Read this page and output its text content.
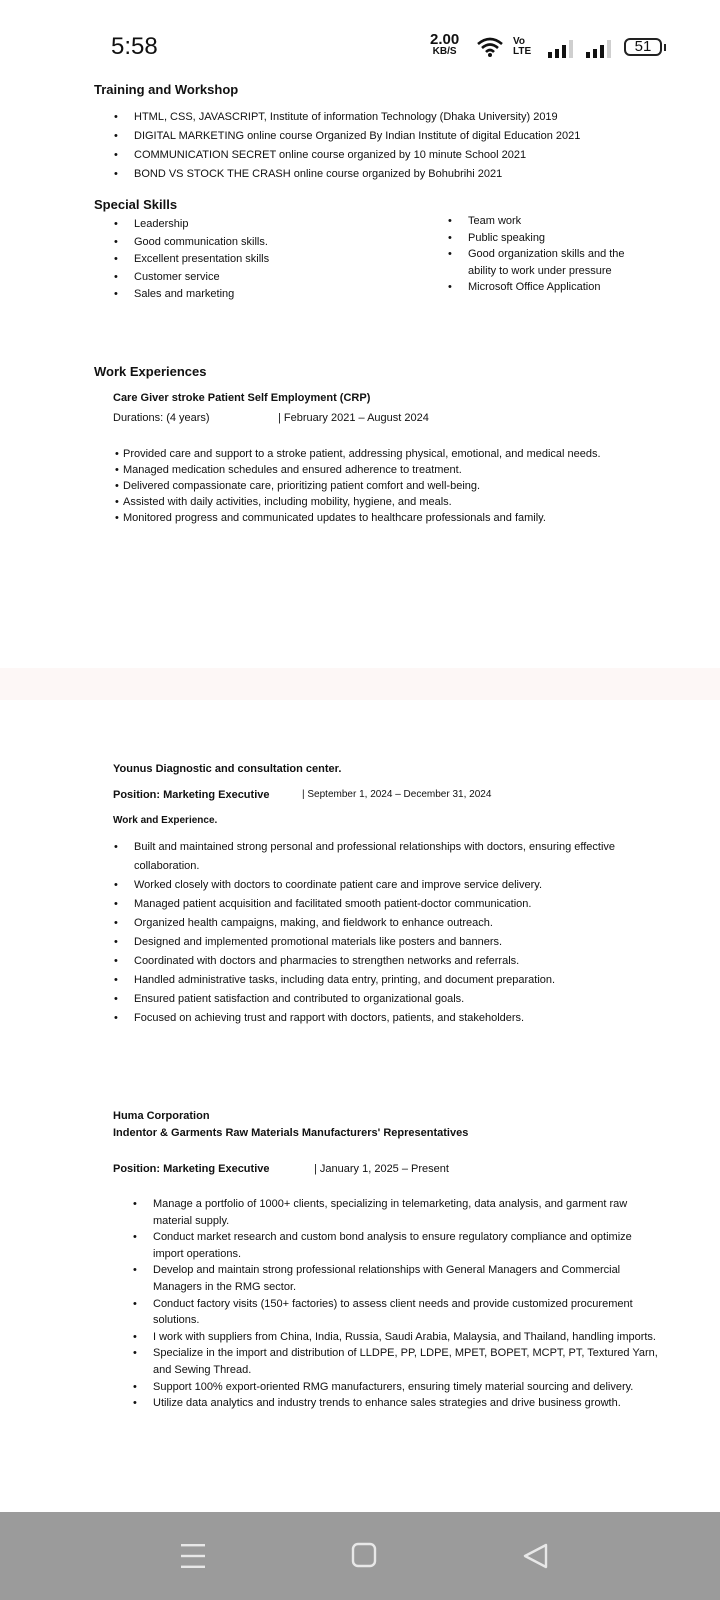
5:58	2.00
KB/S
Vo LTE	51
Training and Workshop
• HTML, CSS, JAVASCRIPT, Institute of information Technology (Dhaka University) 2019
• DIGITAL MARKETING online course Organized By Indian Institute of digital Education 2021
• COMMUNICATION SECRET online course organized by 10 minute School 2021
• BOND VS STOCK THE CRASH online course organized by Bohubrihi 2021
Special Skills
• Leadership
• Good communication skills.
• Excellent presentation skills
• Customer service
• Sales and marketing
• Team work
• Public speaking
• Good organization skills and the ability to work under pressure
• Microsoft Office Application
Work Experiences
Care Giver stroke Patient Self Employment (CRP)
Durations: (4 years)	| February 2021 – August 2024
• Provided care and support to a stroke patient, addressing physical, emotional, and medical needs.
• Managed medication schedules and ensured adherence to treatment.
• Delivered compassionate care, prioritizing patient comfort and well-being.
• Assisted with daily activities, including mobility, hygiene, and meals.
• Monitored progress and communicated updates to healthcare professionals and family.
Younus Diagnostic and consultation center.
Position: Marketing Executive	| September 1, 2024 – December 31, 2024
Work and Experience.
• Built and maintained strong personal and professional relationships with doctors, ensuring effective collaboration.
• Worked closely with doctors to coordinate patient care and improve service delivery.
• Managed patient acquisition and facilitated smooth patient-doctor communication.
• Organized health campaigns, making, and fieldwork to enhance outreach.
• Designed and implemented promotional materials like posters and banners.
• Coordinated with doctors and pharmacies to strengthen networks and referrals.
• Handled administrative tasks, including data entry, printing, and document preparation.
• Ensured patient satisfaction and contributed to organizational goals.
• Focused on achieving trust and rapport with doctors, patients, and stakeholders.
Huma Corporation
Indentor & Garments Raw Materials Manufacturers' Representatives
Position: Marketing Executive	| January 1, 2025 – Present
• Manage a portfolio of 1000+ clients, specializing in telemarketing, data analysis, and garment raw material supply.
• Conduct market research and custom bond analysis to ensure regulatory compliance and optimize import operations.
• Develop and maintain strong professional relationships with General Managers and Commercial Managers in the RMG sector.
• Conduct factory visits (150+ factories) to assess client needs and provide customized procurement solutions.
• I work with suppliers from China, India, Russia, Saudi Arabia, Malaysia, and Thailand, handling imports.
• Specialize in the import and distribution of LLDPE, PP, LDPE, MPET, BOPET, MCPT, PT, Textured Yarn, and Sewing Thread.
• Support 100% export-oriented RMG manufacturers, ensuring timely material sourcing and delivery.
• Utilize data analytics and industry trends to enhance sales strategies and drive business growth.
